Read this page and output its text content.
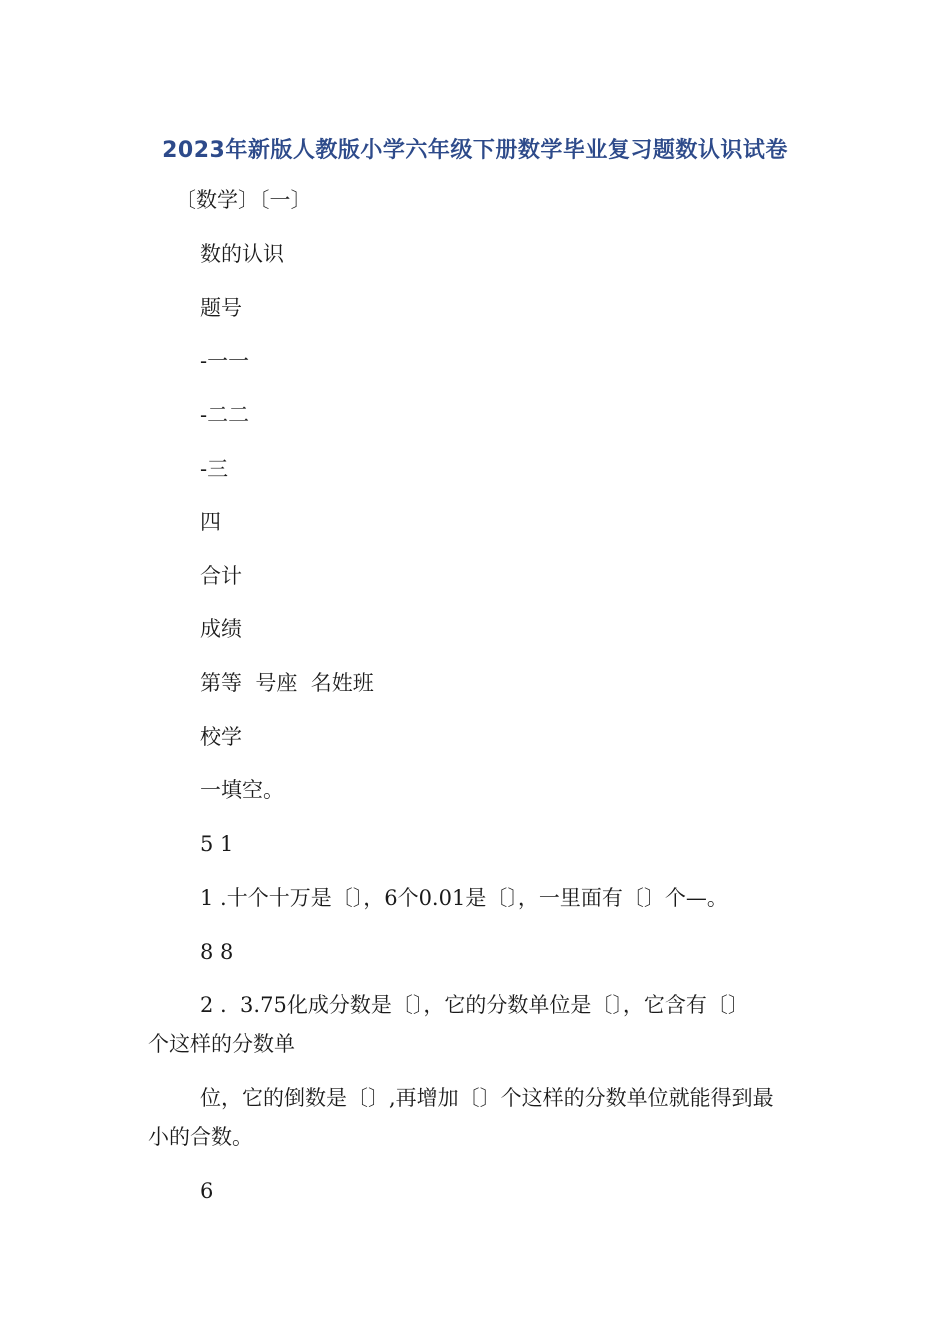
2023年新版人教版小学六年级下册数学毕业复习题数认识试卷
〔数学〕〔一〕
数的认识
题号
-一一
-二二
-三
四
合计
成绩
第等  号座  名姓班
校学
一填空。
5 1
1 .十个十万是〔〕，6个0.01是〔〕，一里面有〔〕个—。
8 8
2 .  3.75化成分数是〔〕，它的分数单位是〔〕，它含有〔〕
个这样的分数单
位，它的倒数是〔〕,再增加〔〕个这样的分数单位就能得到最
小的合数。
6
